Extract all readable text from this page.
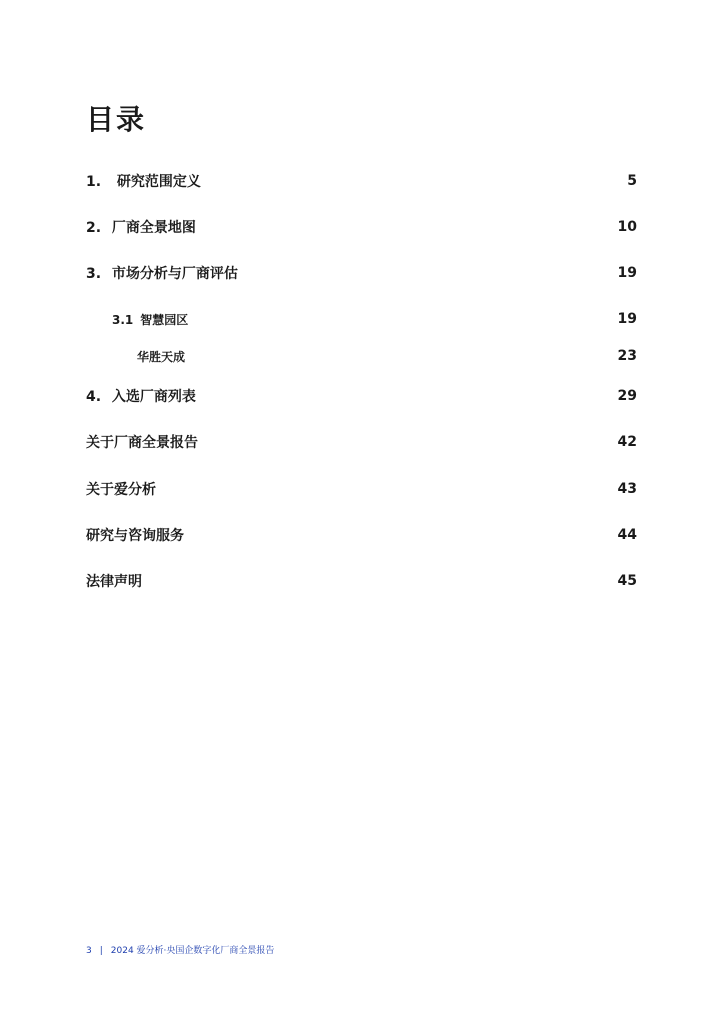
目录
1. 研究范围定义	5
2. 厂商全景地图	10
3. 市场分析与厂商评估	19
3.1 智慧园区	19
华胜天成	23
4. 入选厂商列表	29
关于厂商全景报告	42
关于爱分析	43
研究与咨询服务	44
法律声明	45
3 | 2024 爱分析·央国企数字化厂商全景报告
